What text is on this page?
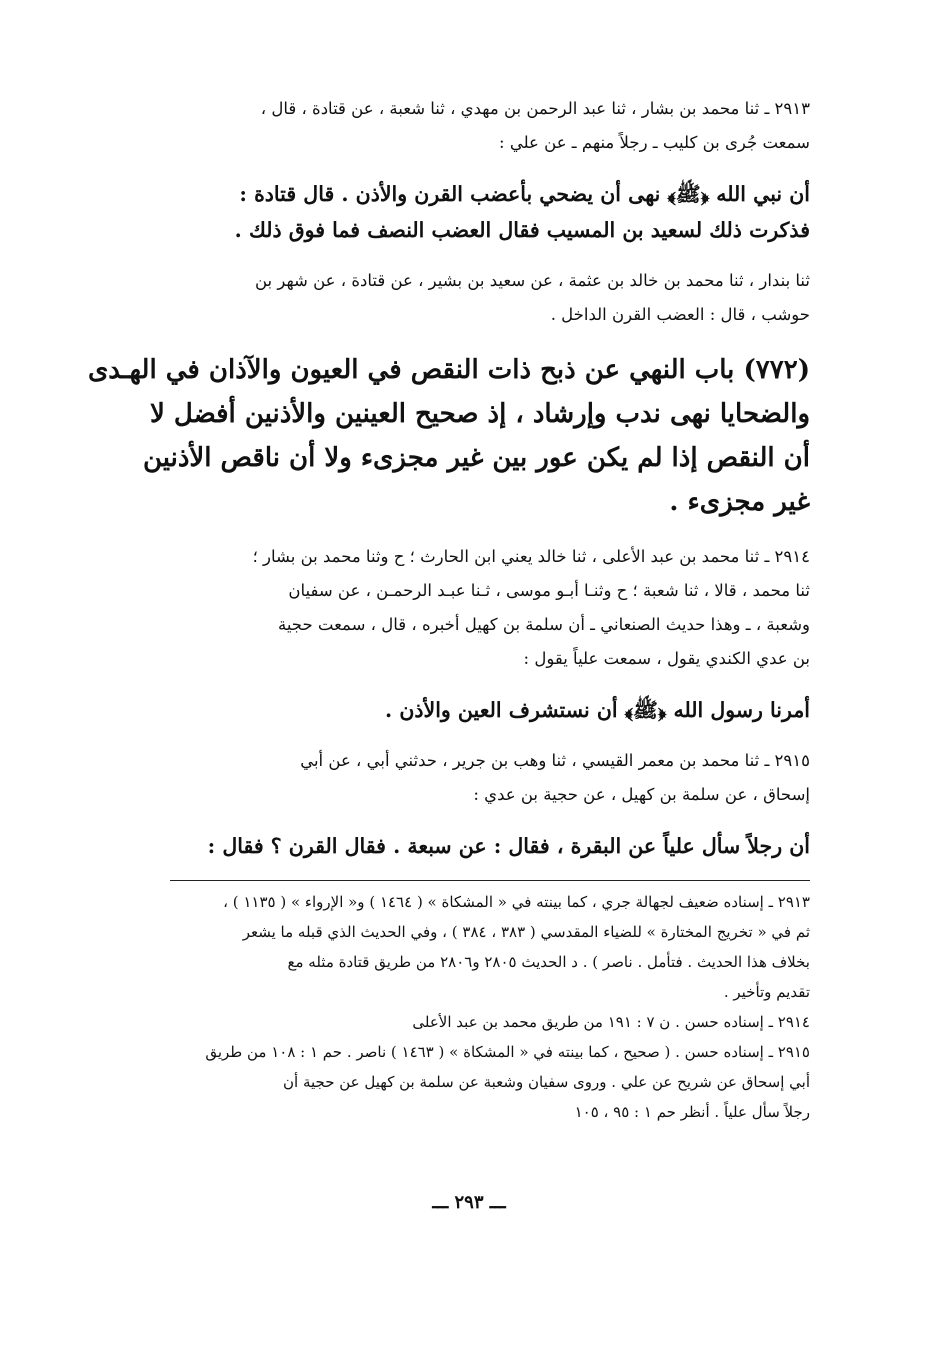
٢٩١٣ ـ ثنا محمد بن بشار ، ثنا عبد الرحمن بن مهدي ، ثنا شعبة ، عن قتادة ، قال ،
سمعت جُرى بن كليب ـ رجلاً منهم ـ عن علي :
أن نبي الله ﴿ﷺ﴾ نهى أن يضحي بأعضب القرن والأذن . قال قتادة :
فذكرت ذلك لسعيد بن المسيب فقال العضب النصف فما فوق ذلك .
ثنا بندار ، ثنا محمد بن خالد بن عثمة ، عن سعيد بن بشير ، عن قتادة ، عن شهر بن
حوشب ، قال : العضب القرن الداخل .
(٧٧٢) باب النهي عن ذبح ذات النقص في العيون والآذان في الهـدى
والضحايا نهى ندب وإرشاد ، إذ صحيح العينين والأذنين أفضل لا
أن النقص إذا لم يكن عور بين غير مجزىء ولا أن ناقص الأذنين
غير مجزىء .
٢٩١٤ ـ ثنا محمد بن عبد الأعلى ، ثنا خالد يعني ابن الحارث ؛ ح وثنا محمد بن بشار ؛
ثنا محمد ، قالا ، ثنا شعبة ؛ ح وثنـا أبـو موسى ، ثـنا عبـد الرحمـن ، عن سفيان
وشعبة ، ـ وهذا حديث الصنعاني ـ أن سلمة بن كهيل أخبره ، قال ، سمعت حجية
بن عدي الكندي يقول ، سمعت علياً يقول :
أمرنا رسول الله ﴿ﷺ﴾ أن نستشرف العين والأذن .
٢٩١٥ ـ ثنا محمد بن معمر القيسي ، ثنا وهب بن جرير ، حدثني أبي ، عن أبي
إسحاق ، عن سلمة بن كهيل ، عن حجية بن عدي :
أن رجلاً سأل علياً عن البقرة ، فقال : عن سبعة . فقال القرن ؟ فقال :
٢٩١٣ ـ إسناده ضعيف لجهالة جري ، كما بينته في « المشكاة » ( ١٤٦٤ ) و« الإرواء » ( ١١٣٥ ) ،
ثم في « تخريج المختارة » للضياء المقدسي ( ٣٨٣ ، ٣٨٤ ) ، وفي الحديث الذي قبله ما يشعر
بخلاف هذا الحديث . فتأمل . ناصر ) . د الحديث ٢٨٠٥ و٢٨٠٦ من طريق قتادة مثله مع
تقديم وتأخير .
٢٩١٤ ـ إسناده حسن . ن ٧ : ١٩١ من طريق محمد بن عبد الأعلى
٢٩١٥ ـ إسناده حسن . ( صحيح ، كما بينته في « المشكاة » ( ١٤٦٣ ) ناصر . حم ١ : ١٠٨ من طريق
أبي إسحاق عن شريح عن علي . وروى سفيان وشعبة عن سلمة بن كهيل عن حجية أن
رجلاً سأل علياً . أنظر حم ١ : ٩٥ ، ١٠٥
ـــ ٢٩٣ ـــ
